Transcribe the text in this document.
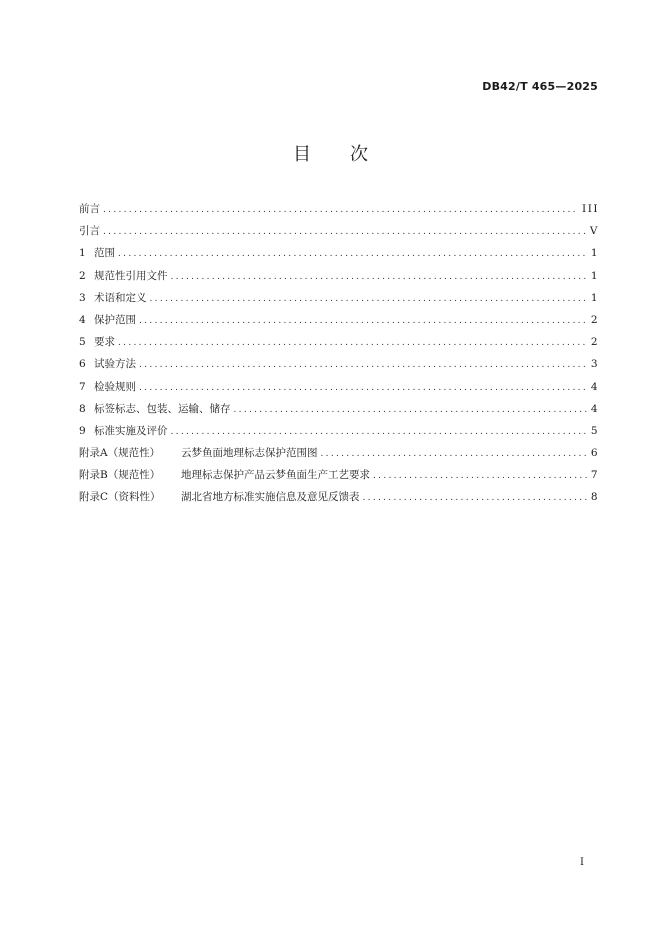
DB42/T 465—2025
目　　次
前言 .....	III
引言 .....	V
1 范围 .....	1
2 规范性引用文件 .....	1
3 术语和定义 .....	1
4 保护范围 .....	2
5 要求 .....	2
6 试验方法 .....	3
7 检验规则 .....	4
8 标签标志、包装、运输、储存 .....	4
9 标准实施及评价 .....	5
附录A（规范性）	云梦鱼面地理标志保护范围图 .....	6
附录B（规范性）	地理标志保护产品云梦鱼面生产工艺要求 .....	7
附录C（资料性）	湖北省地方标准实施信息及意见反馈表 .....	8
I
